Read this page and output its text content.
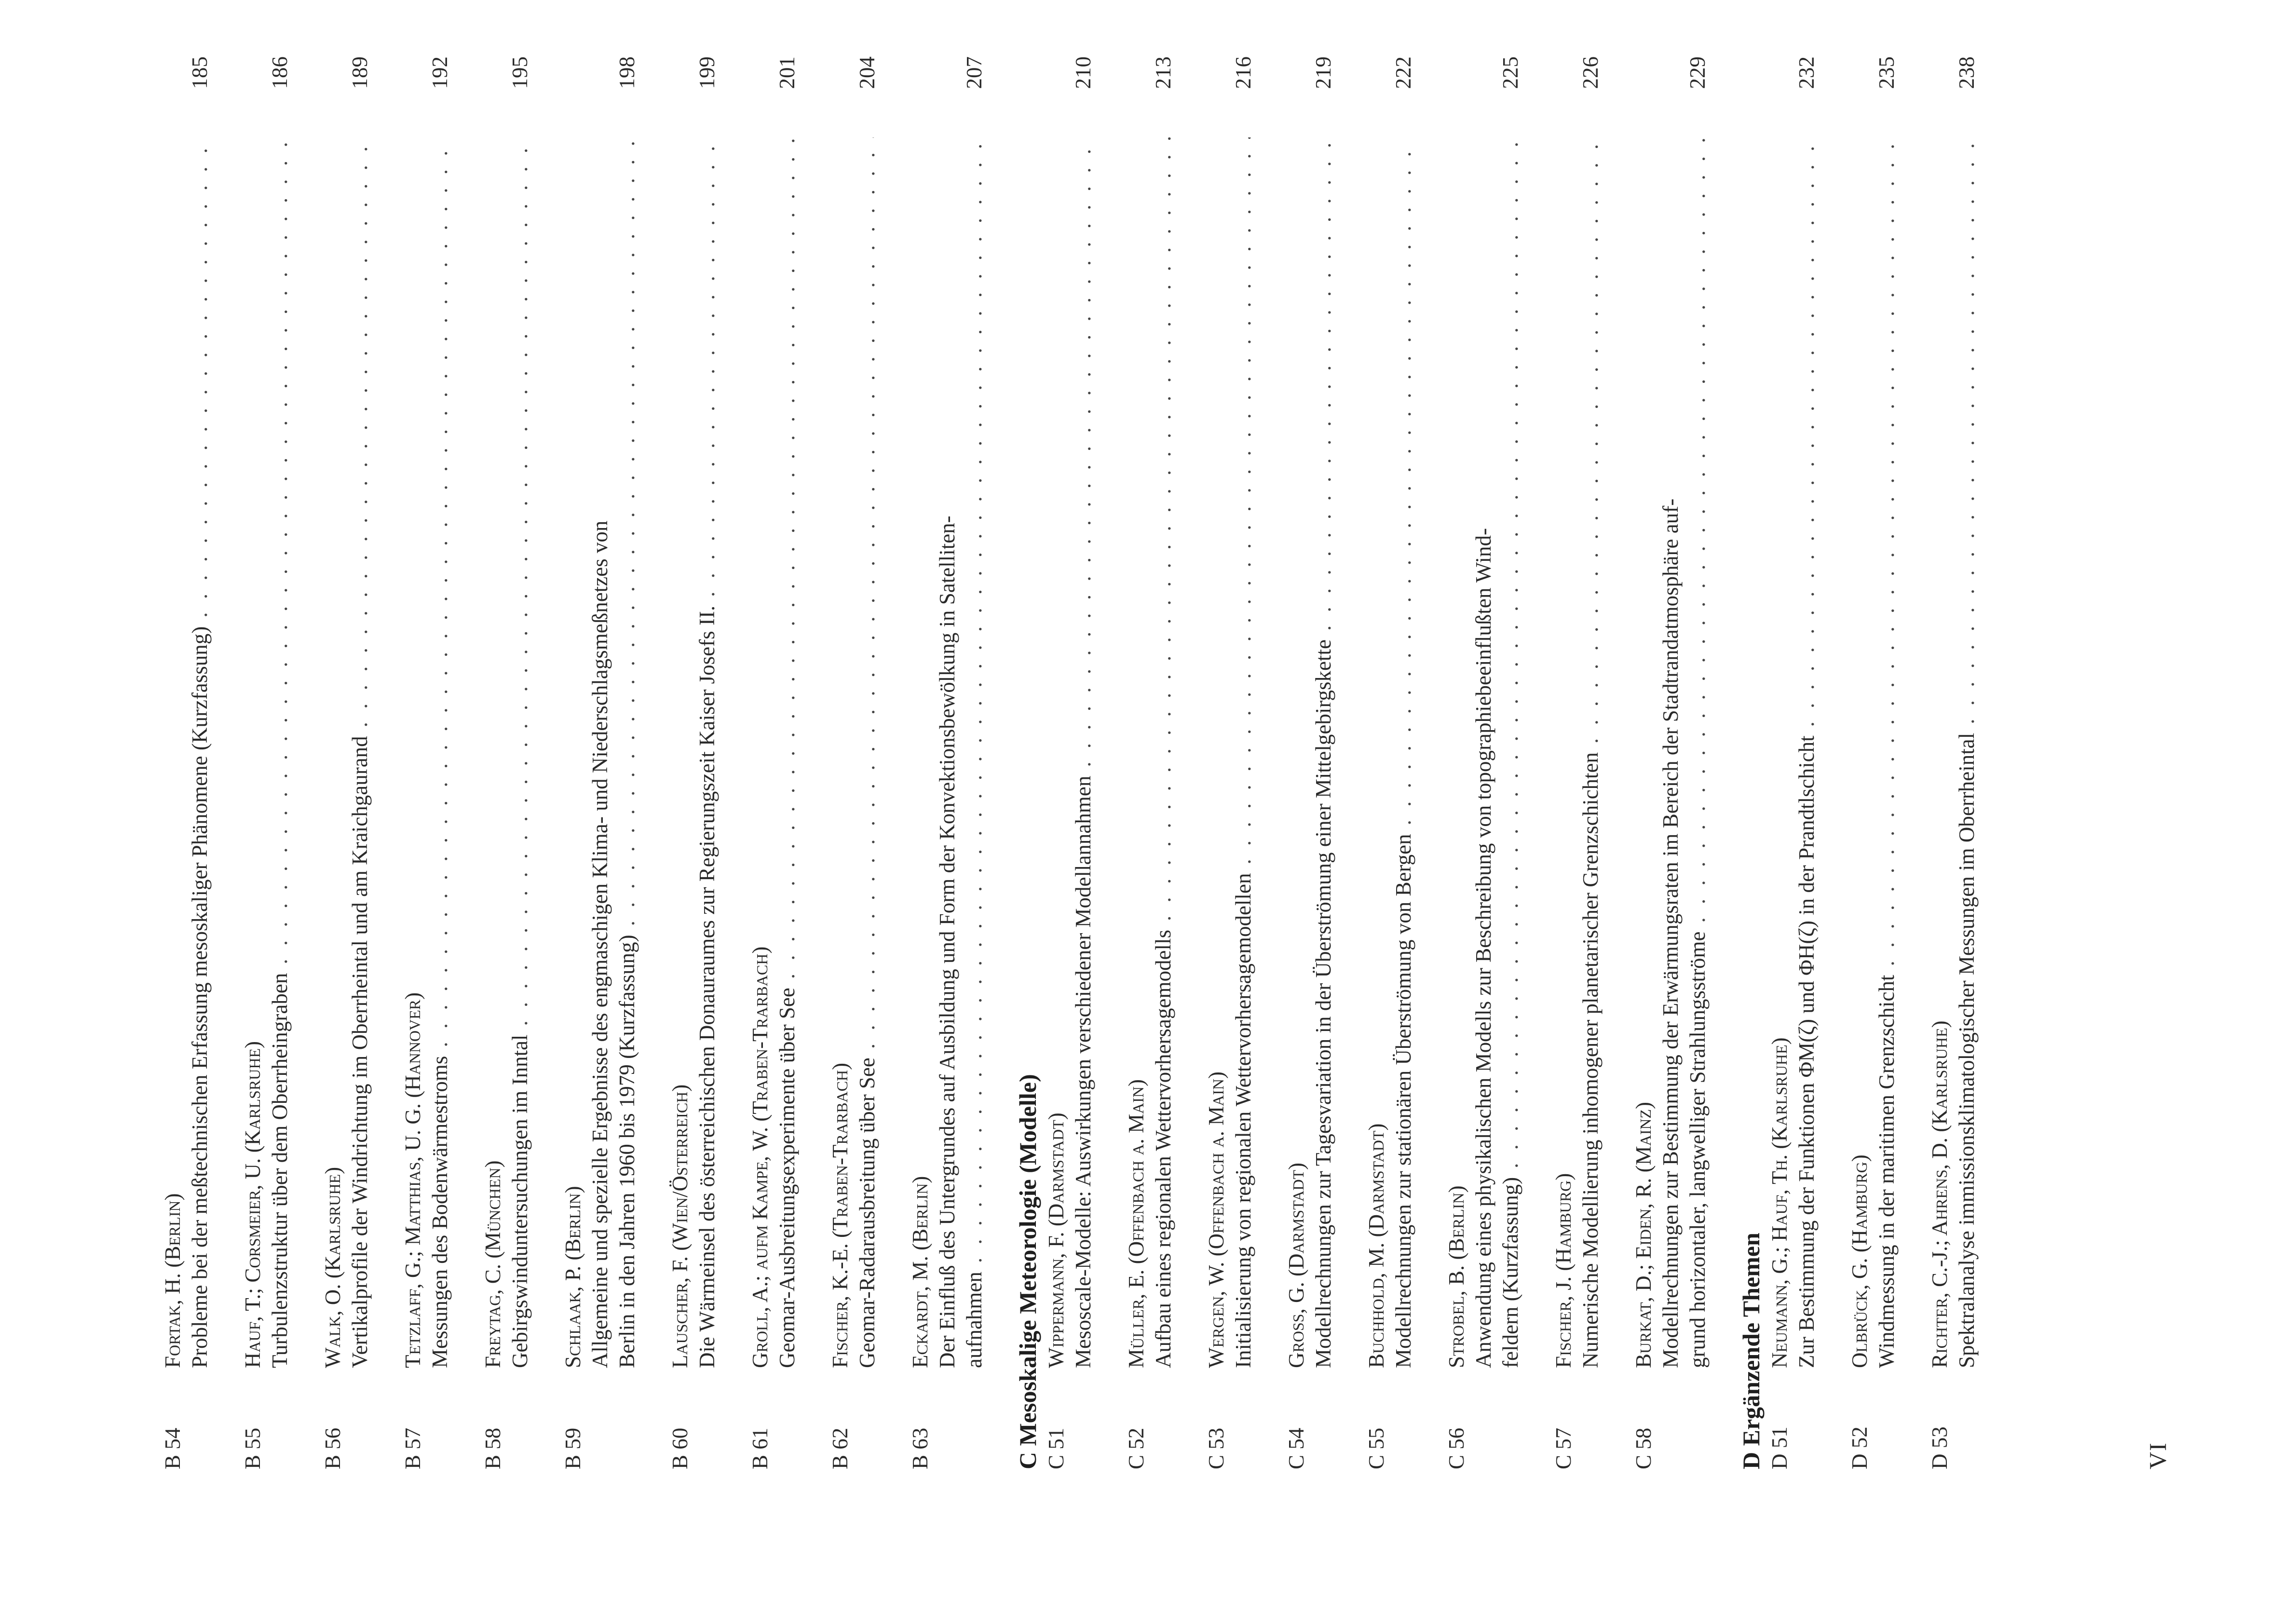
B 54
Fortak, H. (Berlin) Probleme bei der meßtechnischen Erfassung mesoskaliger Phänomene (Kurzfassung)
. . .
185
B 55
Hauf, T.; Corsmeier, U. (Karlsruhe) Turbulenzstruktur über dem Oberrheingraben
. . .
186
B 56
Walk, O. (Karlsruhe) Vertikalprofile der Windrichtung im Oberrheintal und am Kraichgaurand
. . .
189
B 57
Tetzlaff, G.; Matthias, U. G. (Hannover) Messungen des Bodenwärmestroms
. . .
192
B 58
Freytag, C. (München) Gebirgswinduntersuchungen im Inntal
. . .
195
B 59
Schlaak, P. (Berlin) Allgemeine und spezielle Ergebnisse des engmaschigen Klima- und Niederschlagsmeßnetzes von Berlin in den Jahren 1960 bis 1979 (Kurzfassung)
. . .
198
B 60
Lauscher, F. (Wien/Österreich) Die Wärmeinsel des österreichischen Donauraumes zur Regierungszeit Kaiser Josefs II.
. . .
199
B 61
Groll, A.; aufm Kampe, W. (Traben-Trarbach) Geomar-Ausbreitungsexperimente über See
. . .
201
B 62
Fischer, K.-E. (Traben-Trarbach) Geomar-Radarausbreitung über See
. . .
204
B 63
Eckardt, M. (Berlin) Der Einfluß des Untergrundes auf Ausbildung und Form der Konvektionsbewölkung in Satelliten- aufnahmen
. . .
207
C Mesoskalige Meteorologie (Modelle) C 51
Wippermann, F. (Darmstadt) Mesoscale-Modelle: Auswirkungen verschiedener Modellannahmen
. . .
210
C 52
Müller, E. (Offenbach a. Main) Aufbau eines regionalen Wettervorhersagemodells
. . .
213
C 53
Wergen, W. (Offenbach a. Main) Initialisierung von regionalen Wettervorhersagemodellen
. . .
216
C 54
Gross, G. (Darmstadt) Modellrechnungen zur Tagesvariation in der Überströmung einer Mittelgebirgskette
. . .
219
C 55
Buchhold, M. (Darmstadt) Modellrechnungen zur stationären Überströmung von Bergen
. . .
222
C 56
Strobel, B. (Berlin) Anwendung eines physikalischen Modells zur Beschreibung von topographiebeeinflußten Wind- feldern (Kurzfassung)
. . .
225
C 57
Fischer, J. (Hamburg) Numerische Modellierung inhomogener planetarischer Grenzschichten
. . .
226
C 58
Burkat, D.; Eiden, R. (Mainz) Modellrechnungen zur Bestimmung der Erwärmungsraten im Bereich der Stadtrandatmosphäre auf- grund horizontaler, langwelliger Strahlungsströme
. . .
229
D Ergänzende Themen D 51
Neumann, G.; Hauf, Th. (Karlsruhe) Zur Bestimmung der Funktionen ΦM(ζ) und ΦH(ζ) in der Prandtlschicht
. . .
232
D 52
Olbrück, G. (Hamburg) Windmessung in der maritimen Grenzschicht
. . .
235
D 53
Richter, C.-J.; Ahrens, D. (Karlsruhe) Spektralanalyse immissionsklimatologischer Messungen im Oberrheintal
. . .
238
VI
